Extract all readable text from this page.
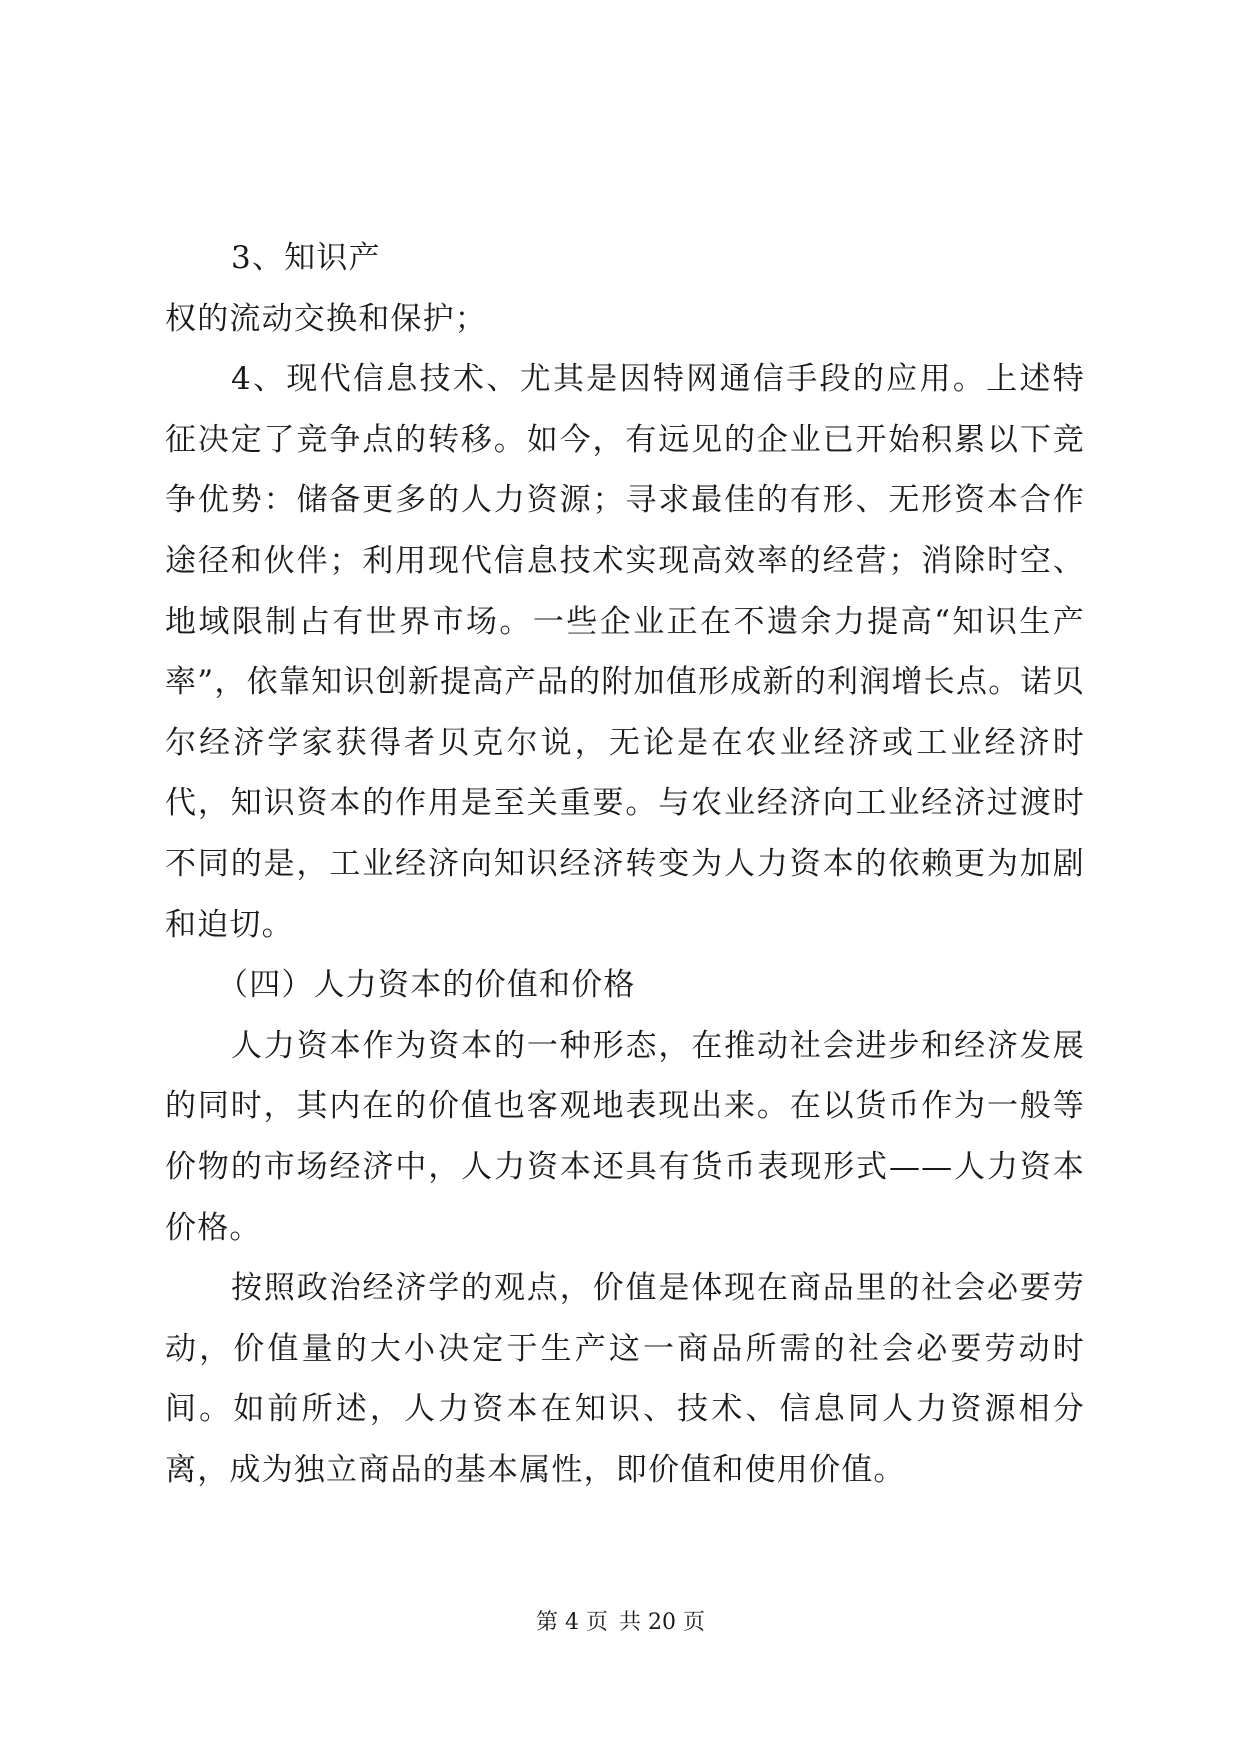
3、知识产

权的流动交换和保护；

4、现代信息技术、尤其是因特网通信手段的应用。上述特征决定了竞争点的转移。如今，有远见的企业已开始积累以下竞争优势：储备更多的人力资源；寻求最佳的有形、无形资本合作途径和伙伴；利用现代信息技术实现高效率的经营；消除时空、地域限制占有世界市场。一些企业正在不遗余力提高“知识生产率”，依靠知识创新提高产品的附加值形成新的利润增长点。诺贝尔经济学家获得者贝克尔说，无论是在农业经济或工业经济时代，知识资本的作用是至关重要。与农业经济向工业经济过渡时不同的是，工业经济向知识经济转变为人力资本的依赖更为加剧和迫切。

（四）人力资本的价值和价格

人力资本作为资本的一种形态，在推动社会进步和经济发展的同时，其内在的价值也客观地表现出来。在以货币作为一般等价物的市场经济中，人力资本还具有货币表现形式——人力资本价格。

按照政治经济学的观点，价值是体现在商品里的社会必要劳动，价值量的大小决定于生产这一商品所需的社会必要劳动时间。如前所述，人力资本在知识、技术、信息同人力资源相分离，成为独立商品的基本属性，即价值和使用价值。

第 4 页 共 20 页
